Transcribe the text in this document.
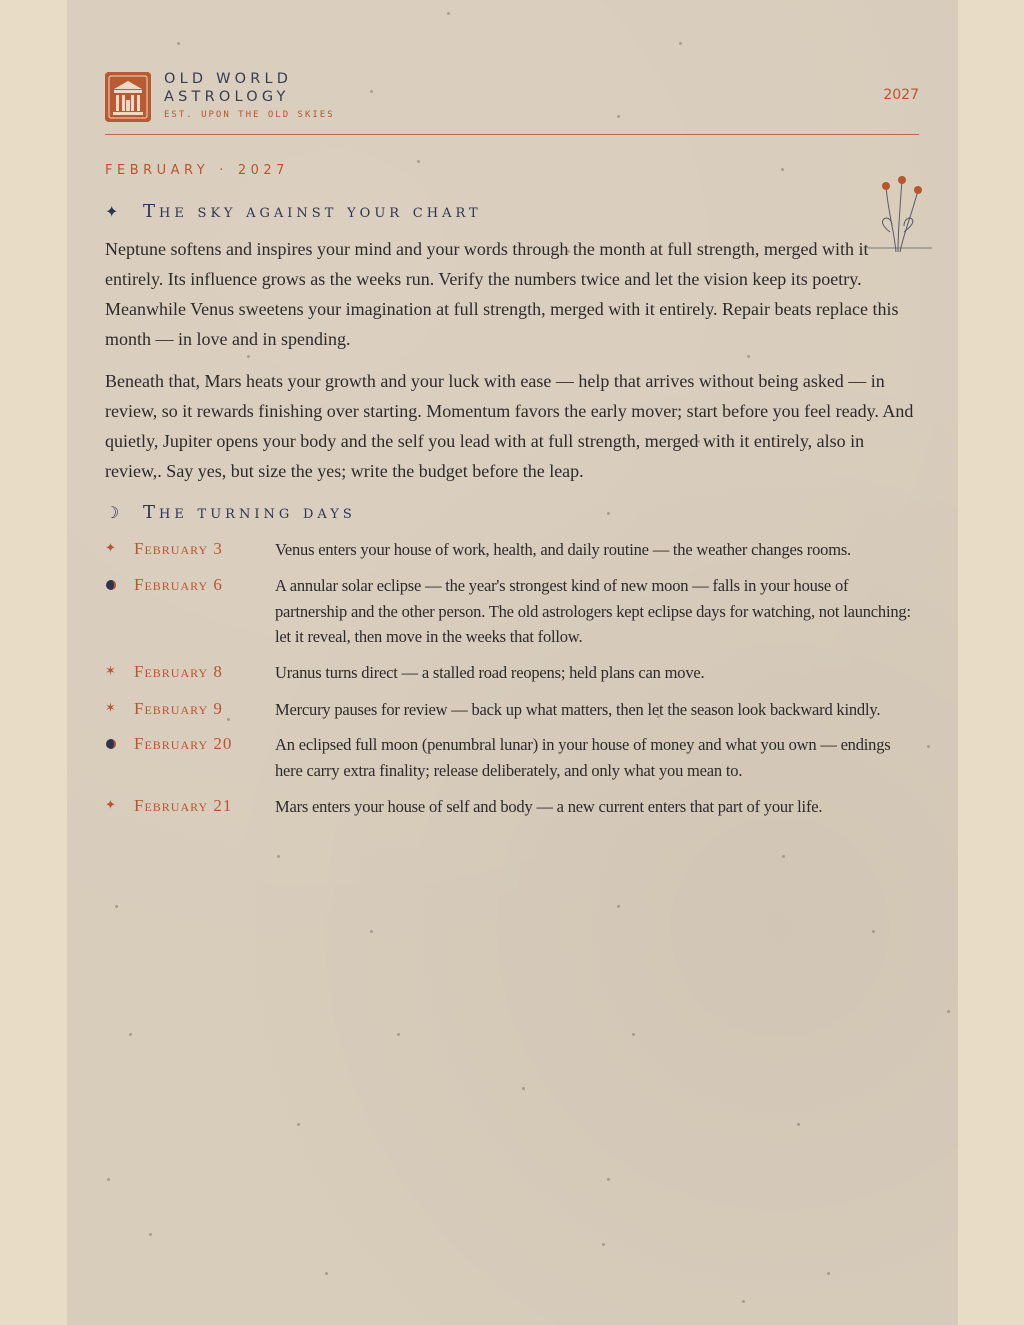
OLD WORLD
ASTROLOGY
EST. UPON THE OLD SKIES
2027
FEBRUARY · 2027
✦ The sky against your chart
Neptune softens and inspires your mind and your words through the month at full strength, merged with it entirely. Its influence grows as the weeks run. Verify the numbers twice and let the vision keep its poetry. Meanwhile Venus sweetens your imagination at full strength, merged with it entirely. Repair beats replace this month — in love and in spending.
Beneath that, Mars heats your growth and your luck with ease — help that arrives without being asked — in review, so it rewards finishing over starting. Momentum favors the early mover; start before you feel ready. And quietly, Jupiter opens your body and the self you lead with at full strength, merged with it entirely, also in review,. Say yes, but size the yes; write the budget before the leap.
☽ The turning days
✦ February 3	Venus enters your house of work, health, and daily routine — the weather changes rooms.
February 6	A annular solar eclipse — the year's strongest kind of new moon — falls in your house of partnership and the other person. The old astrologers kept eclipse days for watching, not launching: let it reveal, then move in the weeks that follow.
✶ February 8	Uranus turns direct — a stalled road reopens; held plans can move.
✶ February 9	Mercury pauses for review — back up what matters, then let the season look backward kindly.
February 20	An eclipsed full moon (penumbral lunar) in your house of money and what you own — endings here carry extra finality; release deliberately, and only what you mean to.
✦ February 21	Mars enters your house of self and body — a new current enters that part of your life.
